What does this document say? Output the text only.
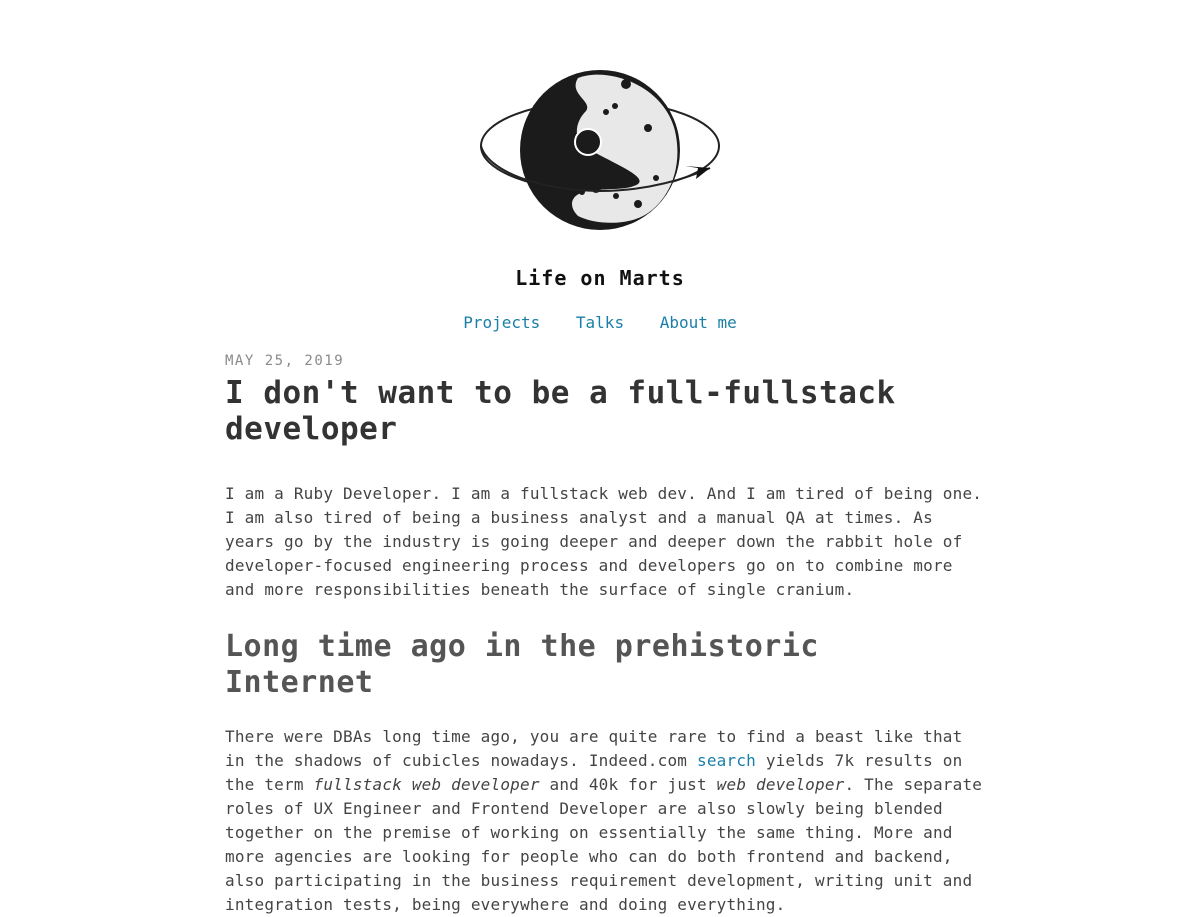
Life on Marts
Projects Talks About me
MAY 25, 2019
I don't want to be a full-fullstack developer

I am a Ruby Developer. I am a fullstack web dev. And I am tired of being one. I am also tired of being a business analyst and a manual QA at times. As years go by the industry is going deeper and deeper down the rabbit hole of developer-focused engineering process and developers go on to combine more and more responsibilities beneath the surface of single cranium.

Long time ago in the prehistoric Internet

There were DBAs long time ago, you are quite rare to find a beast like that in the shadows of cubicles nowadays. Indeed.com search yields 7k results on the term fullstack web developer and 40k for just web developer. The separate roles of UX Engineer and Frontend Developer are also slowly being blended together on the premise of working on essentially the same thing. More and more agencies are looking for people who can do both frontend and backend, also participating in the business requirement development, writing unit and integration tests, being everywhere and doing everything.
